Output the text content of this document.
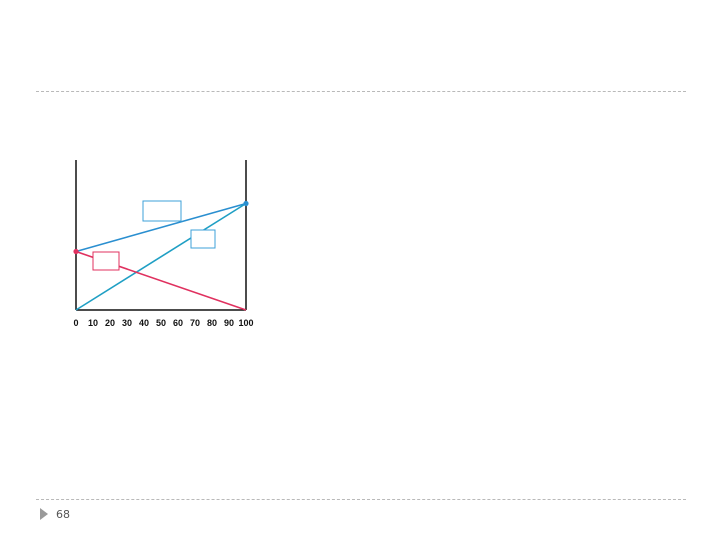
0 10 20 30 40 50 60 70 80 90 100
68
